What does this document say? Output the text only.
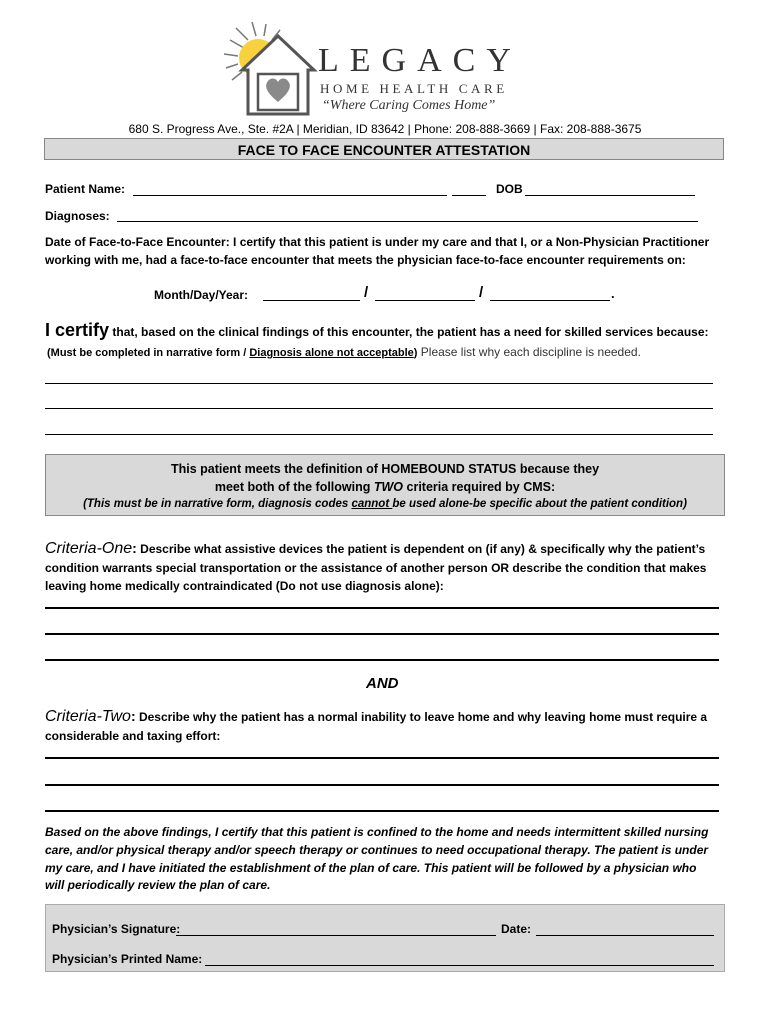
LEGACY
HOME HEALTH CARE
“Where Caring Comes Home”
680 S. Progress Ave., Ste. #2A | Meridian, ID 83642 | Phone: 208-888-3669 | Fax: 208-888-3675
FACE TO FACE ENCOUNTER ATTESTATION
Patient Name:	DOB
Diagnoses:
Date of Face-to-Face Encounter: I certify that this patient is under my care and that I, or a Non-Physician Practitioner
working with me, had a face-to-face encounter that meets the physician face-to-face encounter requirements on:
Month/Day/Year:	/	/	.
I certify that, based on the clinical findings of this encounter, the patient has a need for skilled services because:
(Must be completed in narrative form / Diagnosis alone not acceptable) Please list why each discipline is needed.
This patient meets the definition of HOMEBOUND STATUS because they
meet both of the following TWO criteria required by CMS:
(This must be in narrative form, diagnosis codes cannot be used alone-be specific about the patient condition)
Criteria-One: Describe what assistive devices the patient is dependent on (if any) & specifically why the patient’s
condition warrants special transportation or the assistance of another person OR describe the condition that makes
leaving home medically contraindicated (Do not use diagnosis alone):
AND
Criteria-Two: Describe why the patient has a normal inability to leave home and why leaving home must require a
considerable and taxing effort:
Based on the above findings, I certify that this patient is confined to the home and needs intermittent skilled nursing
care, and/or physical therapy and/or speech therapy or continues to need occupational therapy. The patient is under
my care, and I have initiated the establishment of the plan of care. This patient will be followed by a physician who
will periodically review the plan of care.
Physician’s Signature:	Date:
Physician’s Printed Name:
